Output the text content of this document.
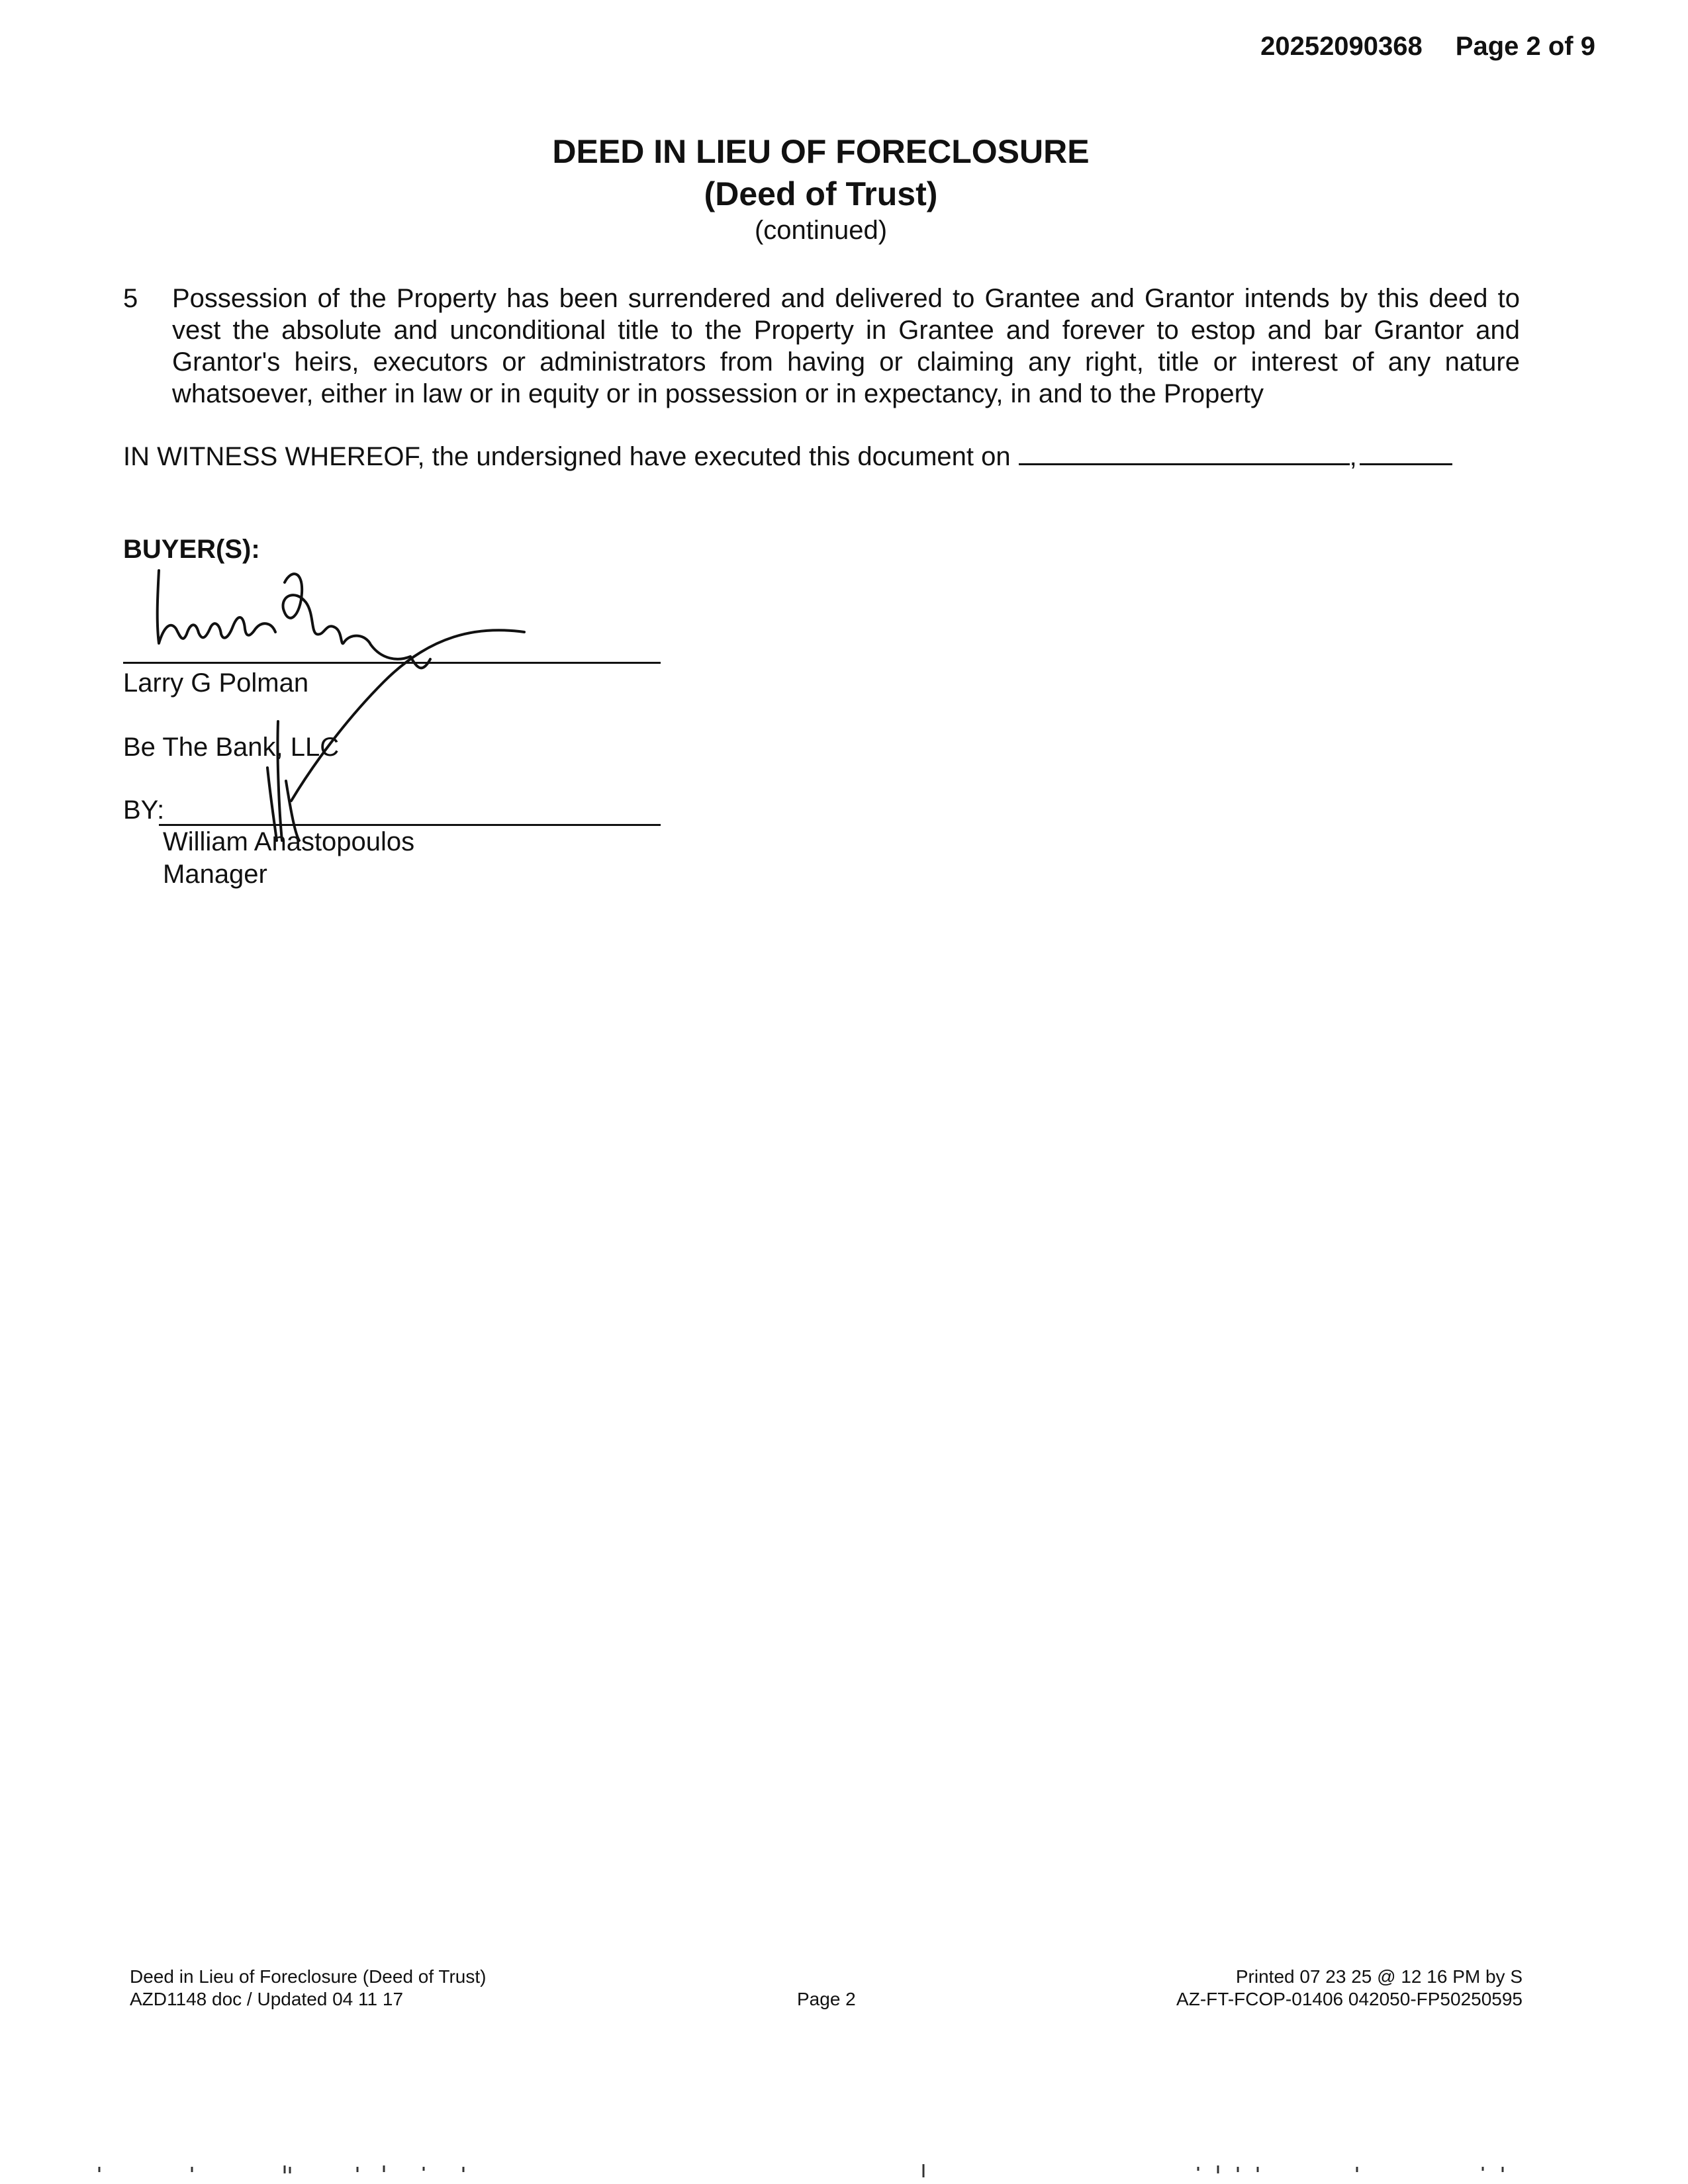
20252090368 Page 2 of 9
DEED IN LIEU OF FORECLOSURE
(Deed of Trust)
(continued)
5 Possession of the Property has been surrendered and delivered to Grantee and Grantor intends by this deed to vest the absolute and unconditional title to the Property in Grantee and forever to estop and bar Grantor and Grantor's heirs, executors or administrators from having or claiming any right, title or interest of any nature whatsoever, either in law or in equity or in possession or in expectancy, in and to the Property
IN WITNESS WHEREOF, the undersigned have executed this document on	,
BUYER(S):
Larry G Polman
Be The Bank, LLC
BY:
William Anastopoulos
Manager
Deed in Lieu of Foreclosure (Deed of Trust)
AZD1148 doc / Updated 04 11 17	Page 2
Printed 07 23 25 @ 12 16 PM by S
AZ-FT-FCOP-01406 042050-FP50250595
